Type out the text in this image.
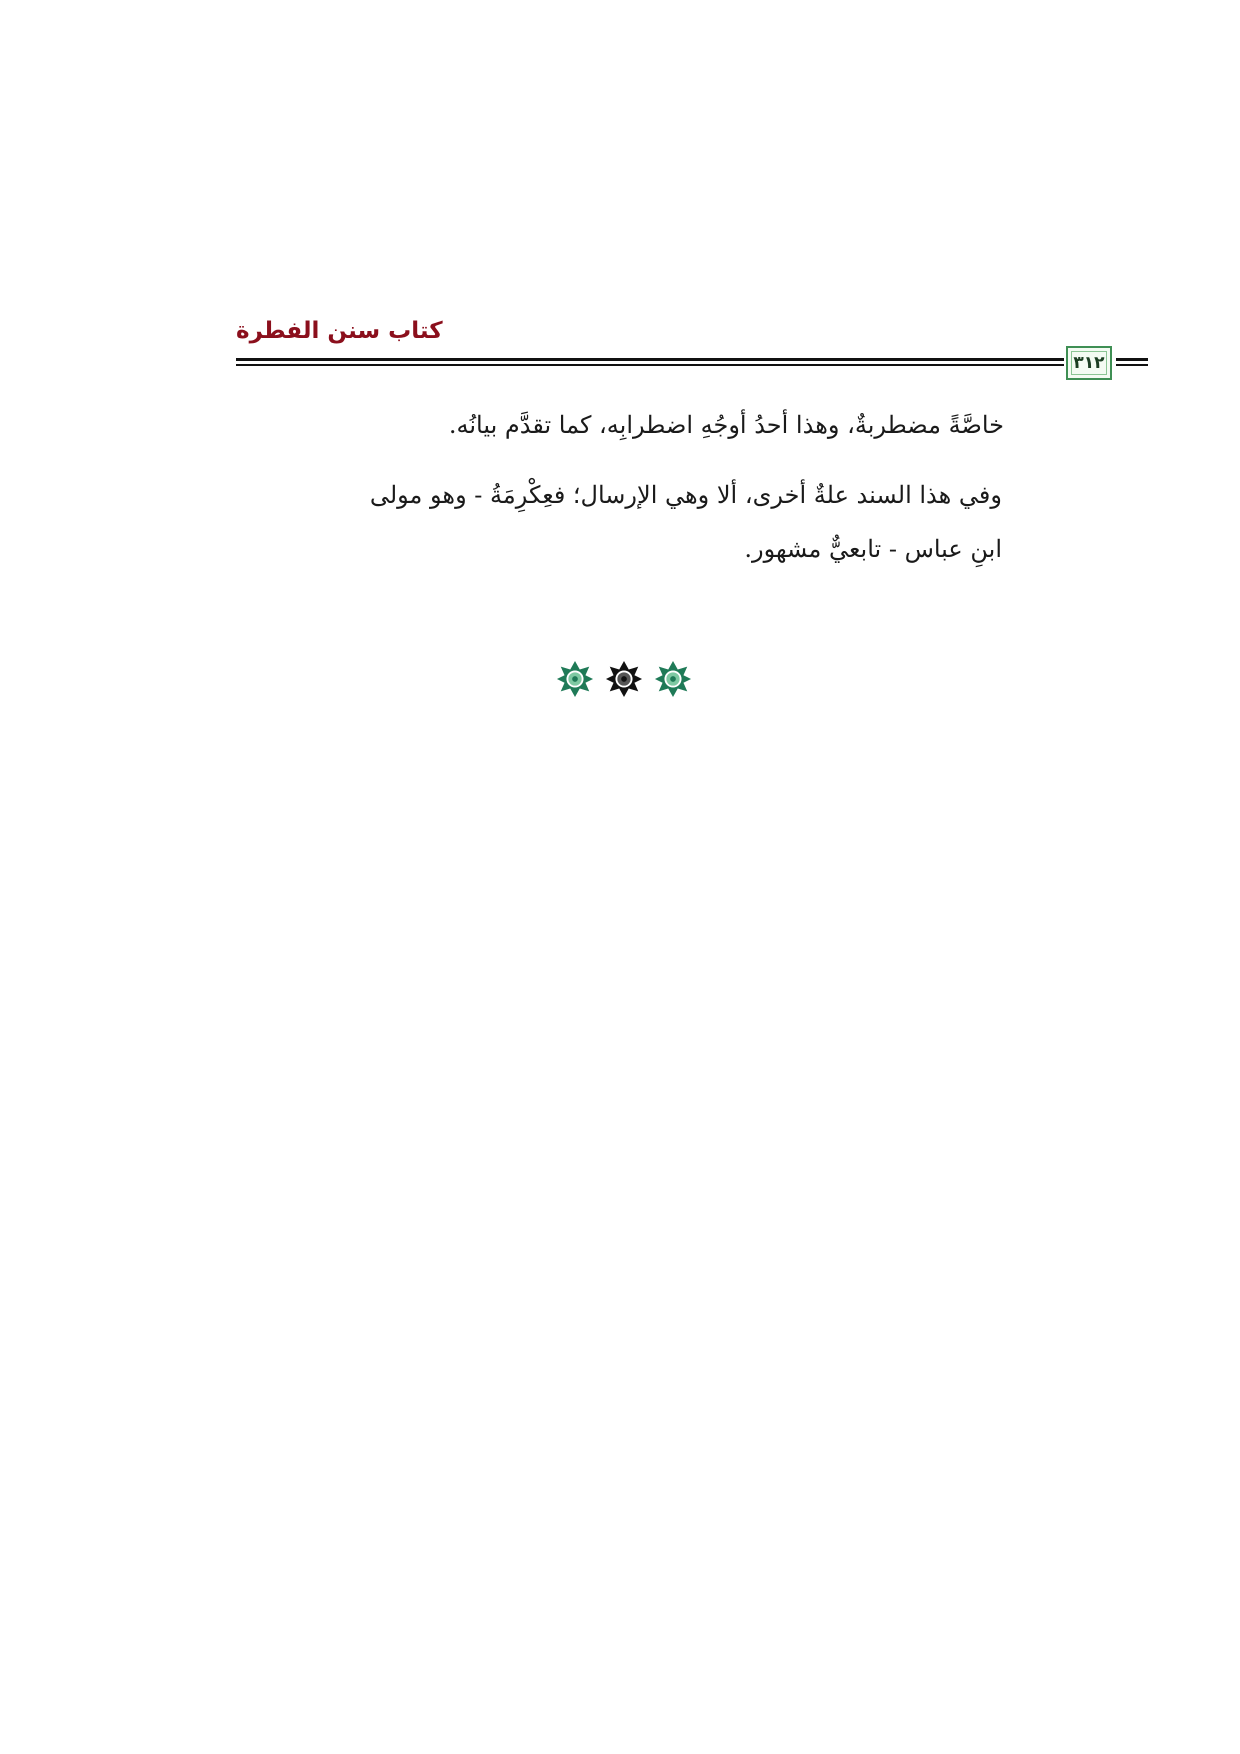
كتاب سنن الفطرة
٣١٢
خاصَّةً مضطربةٌ، وهذا أحدُ أوجُهِ اضطرابِه، كما تقدَّم بيانُه.
وفي هذا السند علةٌ أخرى، ألا وهي الإرسال؛ فعِكْرِمَةُ - وهو مولى
ابنِ عباس - تابعيٌّ مشهور.
